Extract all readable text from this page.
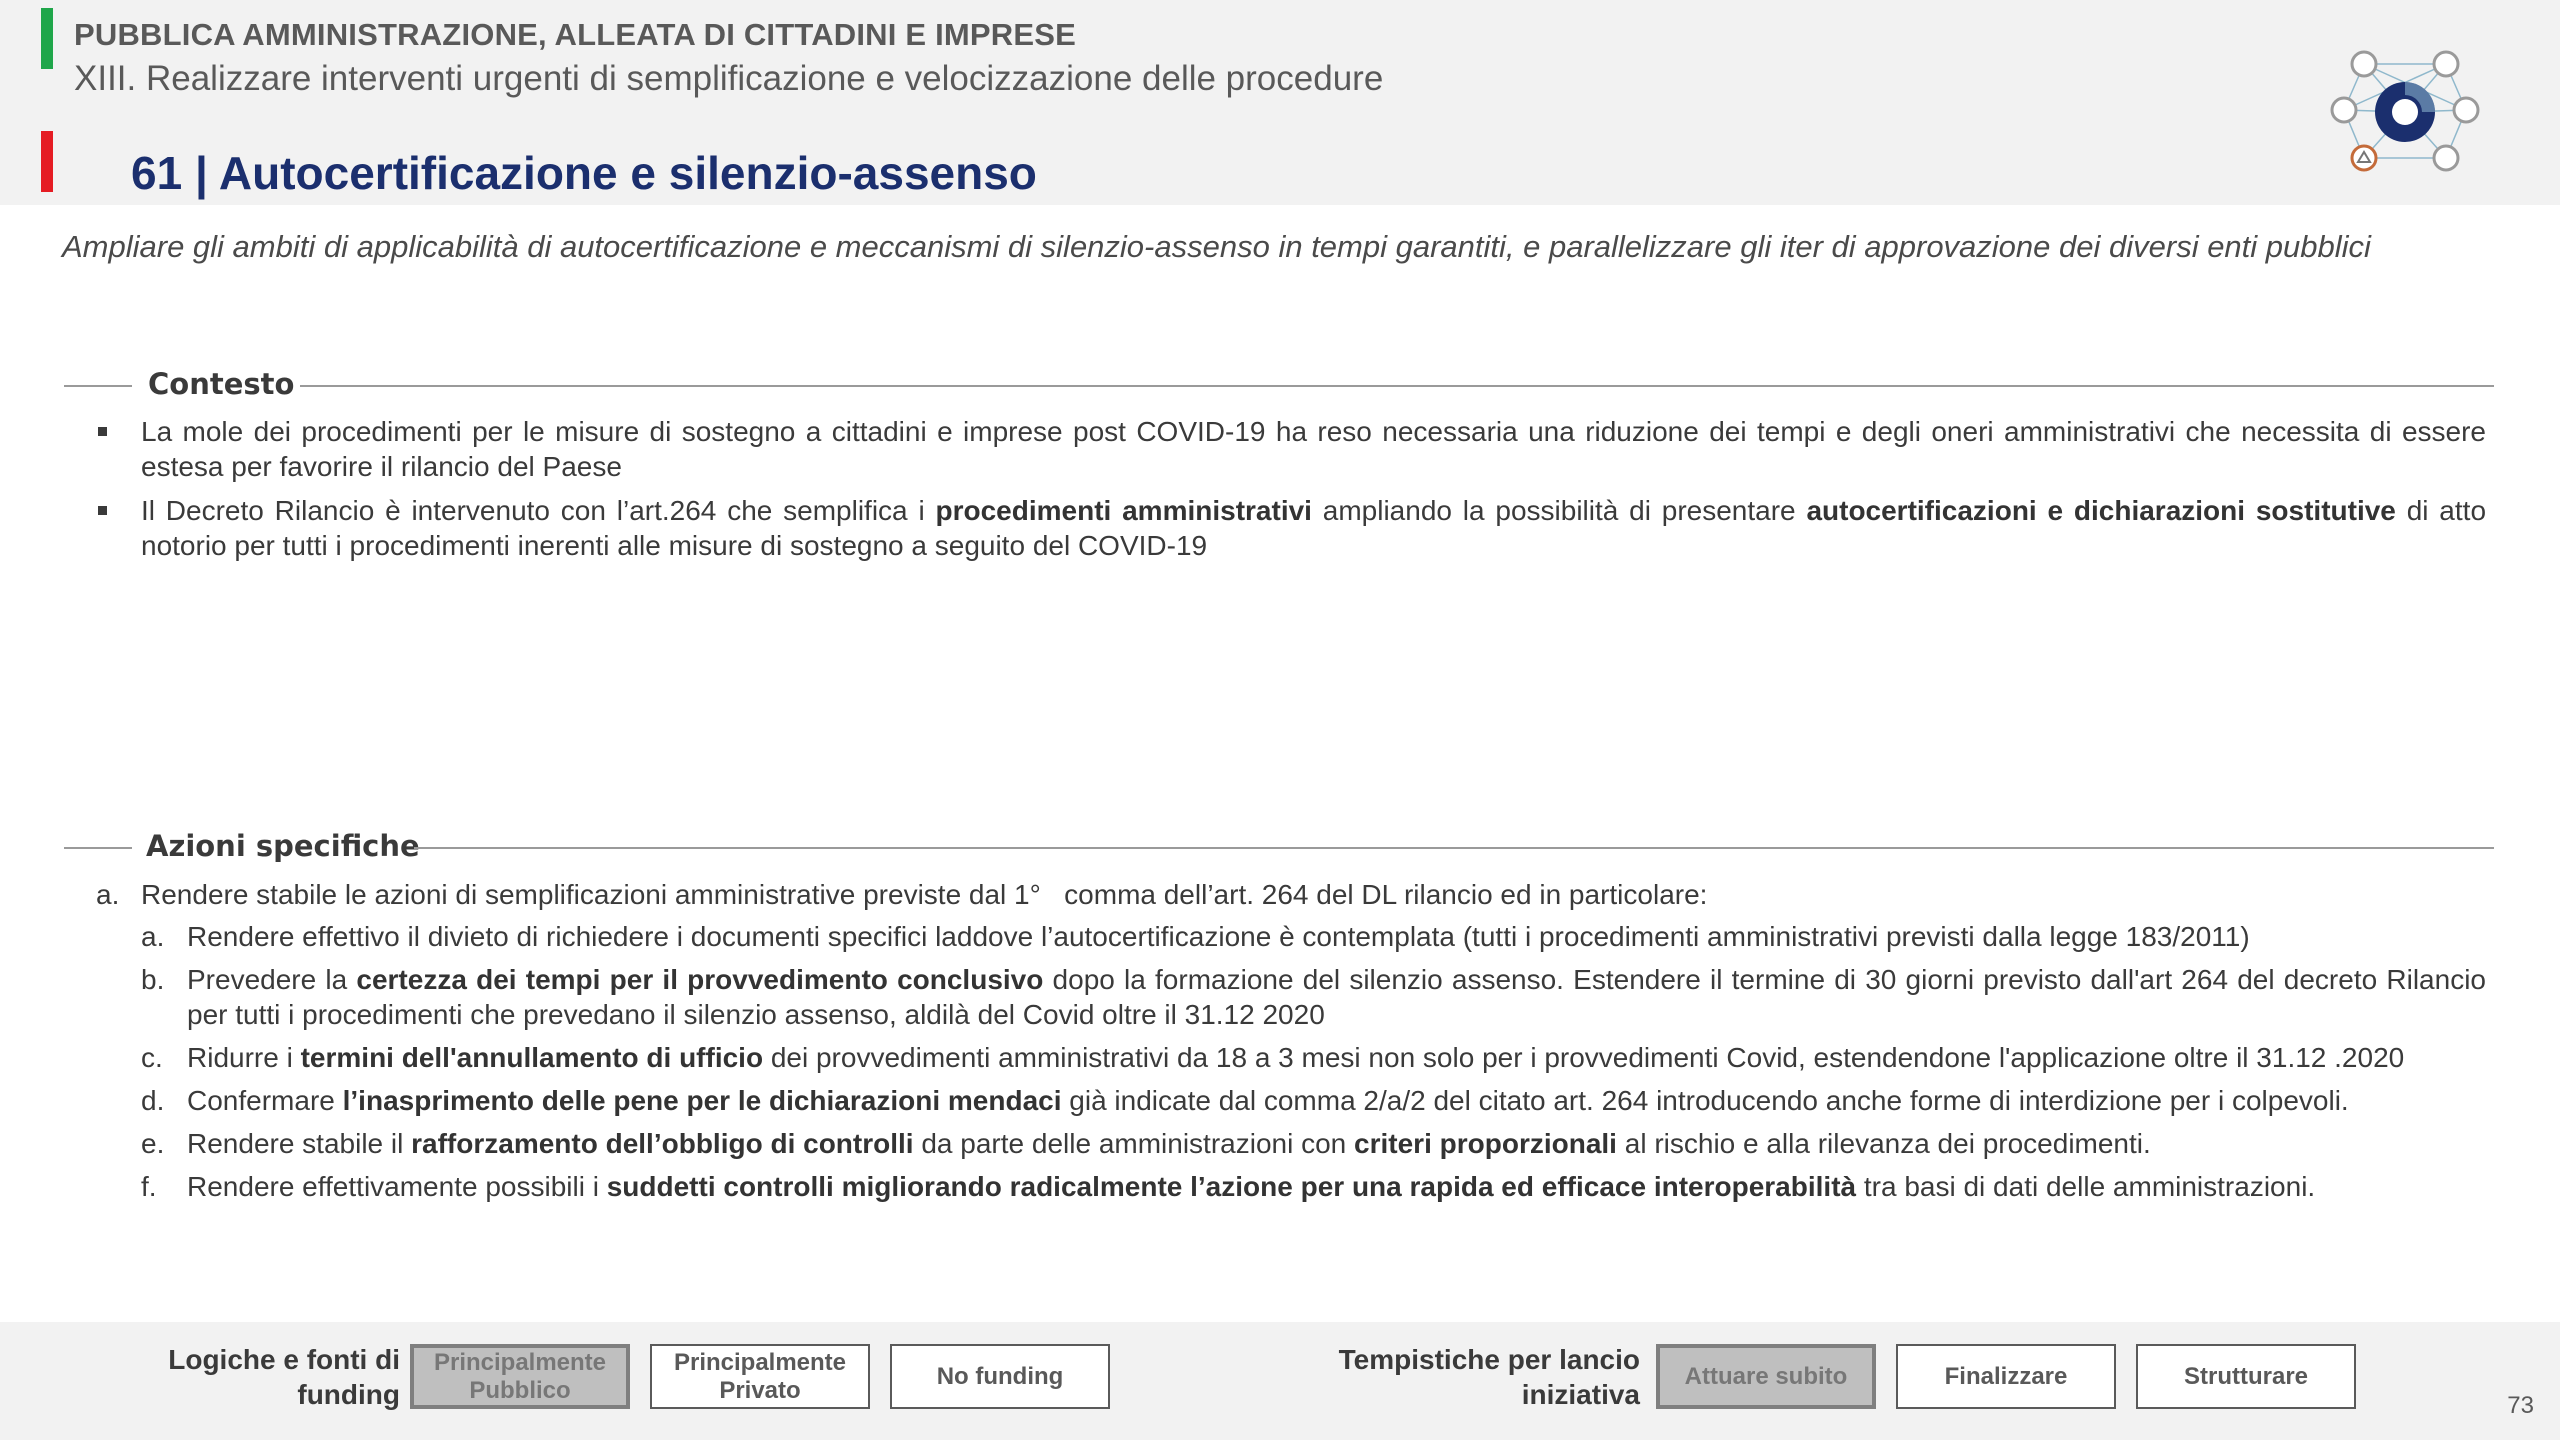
PUBBLICA AMMINISTRAZIONE, ALLEATA DI CITTADINI E IMPRESE
XIII. Realizzare interventi urgenti di semplificazione e velocizzazione delle procedure
61 | Autocertificazione e silenzio-assenso
Ampliare gli ambiti di applicabilità di autocertificazione e meccanismi di silenzio-assenso in tempi garantiti, e parallelizzare gli iter di approvazione dei diversi enti pubblici
Contesto
La mole dei procedimenti per le misure di sostegno a cittadini e imprese post COVID-19 ha reso necessaria una riduzione dei tempi e degli oneri amministrativi che necessita di essere estesa per favorire il rilancio del Paese
Il Decreto Rilancio è intervenuto con l’art.264 che semplifica i procedimenti amministrativi ampliando la possibilità di presentare autocertificazioni e dichiarazioni sostitutive di atto notorio per tutti i procedimenti inerenti alle misure di sostegno a seguito del COVID-19
Azioni specifiche
a. Rendere stabile le azioni di semplificazioni amministrative previste dal 1°   comma dell’art. 264 del DL rilancio ed in particolare:
a. Rendere effettivo il divieto di richiedere i documenti specifici laddove l’autocertificazione è contemplata (tutti i procedimenti amministrativi previsti dalla legge 183/2011)
b. Prevedere la certezza dei tempi per il provvedimento conclusivo dopo la formazione del silenzio assenso. Estendere il termine di 30 giorni previsto dall'art 264 del decreto Rilancio per tutti i procedimenti che prevedano il silenzio assenso, aldilà del Covid oltre il 31.12 2020
c. Ridurre i termini dell'annullamento di ufficio dei provvedimenti amministrativi da 18 a 3 mesi non solo per i provvedimenti Covid, estendendone l'applicazione oltre il 31.12 .2020
d. Confermare l’inasprimento delle pene per le dichiarazioni mendaci già indicate dal comma 2/a/2 del citato art. 264 introducendo anche forme di interdizione per i colpevoli.
e. Rendere stabile il rafforzamento dell’obbligo di controlli da parte delle amministrazioni con criteri proporzionali al rischio e alla rilevanza dei procedimenti.
f. Rendere effettivamente possibili i suddetti controlli migliorando radicalmente l’azione per una rapida ed efficace interoperabilità tra basi di dati delle amministrazioni.
Logiche e fonti di
funding
Principalmente
Pubblico
Principalmente
Privato
No funding
Tempistiche per lancio
iniziativa
Attuare subito	Finalizzare	Strutturare
73
